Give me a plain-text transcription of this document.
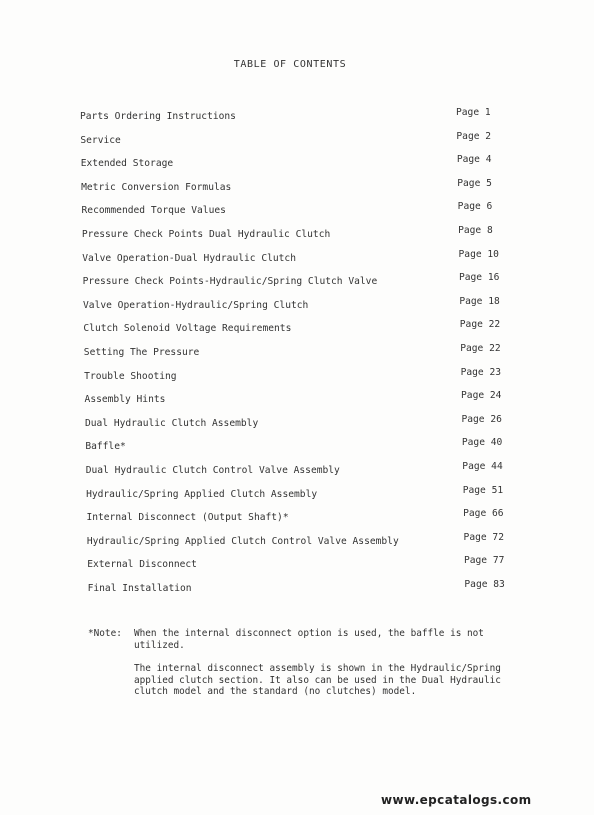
TABLE OF CONTENTS
Parts Ordering Instructions	Page 1
Service	Page 2
Extended Storage	Page 4
Metric Conversion Formulas	Page 5
Recommended Torque Values	Page 6
Pressure Check Points Dual Hydraulic Clutch	Page 8
Valve Operation-Dual Hydraulic Clutch	Page 10
Pressure Check Points-Hydraulic/Spring Clutch Valve	Page 16
Valve Operation-Hydraulic/Spring Clutch	Page 18
Clutch Solenoid Voltage Requirements	Page 22
Setting The Pressure	Page 22
Trouble Shooting	Page 23
Assembly Hints	Page 24
Dual Hydraulic Clutch Assembly	Page 26
Baffle*	Page 40
Dual Hydraulic Clutch Control Valve Assembly	Page 44
Hydraulic/Spring Applied Clutch Assembly	Page 51
Internal Disconnect (Output Shaft)*	Page 66
Hydraulic/Spring Applied Clutch Control Valve Assembly	Page 72
External Disconnect	Page 77
Final Installation	Page 83
*Note: When the internal disconnect option is used, the baffle is not
utilized.
The internal disconnect assembly is shown in the Hydraulic/Spring
applied clutch section. It also can be used in the Dual Hydraulic
clutch model and the standard (no clutches) model.
www.epcatalogs.com
